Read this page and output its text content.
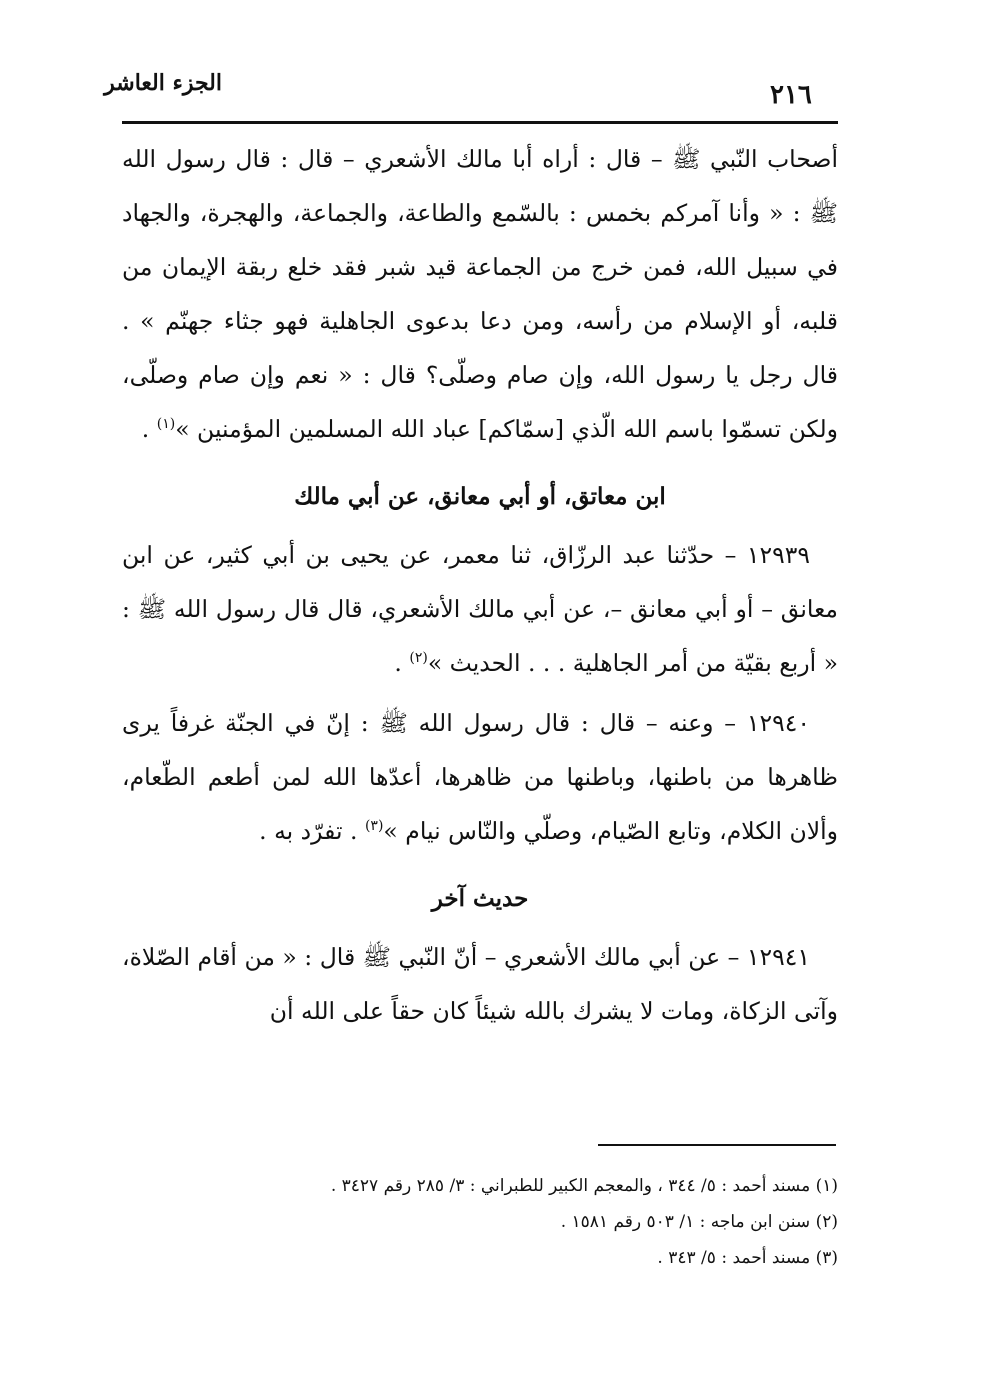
الجزء العاشر	٢١٦

أصحاب النّبي ﷺ – قال : أراه أبا مالك الأشعري – قال : قال رسول الله ﷺ : « وأنا آمركم بخمس : بالسّمع والطاعة، والجماعة، والهجرة، والجهاد في سبيل الله، فمن خرج من الجماعة قيد شبر فقد خلع ربقة الإيمان من قلبه، أو الإسلام من رأسه، ومن دعا بدعوى الجاهلية فهو جثاء جهنّم » . قال رجل يا رسول الله، وإن صام وصلّى؟ قال : « نعم وإن صام وصلّى، ولكن تسمّوا باسم الله الّذي [سمّاكم] عباد الله المسلمين المؤمنين »$^{(١)}$ .

ابن معاتق، أو أبي معانق، عن أبي مالك

١٢٩٣٩ – حدّثنا عبد الرزّاق، ثنا معمر، عن يحيى بن أبي كثير، عن ابن معانق – أو أبي معانق –، عن أبي مالك الأشعري، قال قال رسول الله ﷺ : « أربع بقيّة من أمر الجاهلية . . . الحديث »$^{(٢)}$ .

١٢٩٤٠ – وعنه – قال : قال رسول الله ﷺ : إنّ في الجنّة غرفاً يرى ظاهرها من باطنها، وباطنها من ظاهرها، أعدّها الله لمن أطعم الطّعام، وألان الكلام، وتابع الصّيام، وصلّي والنّاس نيام »$^{(٣)}$ . تفرّد به .

حديث آخر

١٢٩٤١ – عن أبي مالك الأشعري – أنّ النّبي ﷺ قال : « من أقام الصّلاة، وآتى الزكاة، ومات لا يشرك بالله شيئاً كان حقاً على الله أن

(١) مسند أحمد : ٥/ ٣٤٤ ، والمعجم الكبير للطبراني : ٣/ ٢٨٥ رقم ٣٤٢٧ .

(٢) سنن ابن ماجه : ١/ ٥٠٣ رقم ١٥٨١ .

(٣) مسند أحمد : ٥/ ٣٤٣ .
